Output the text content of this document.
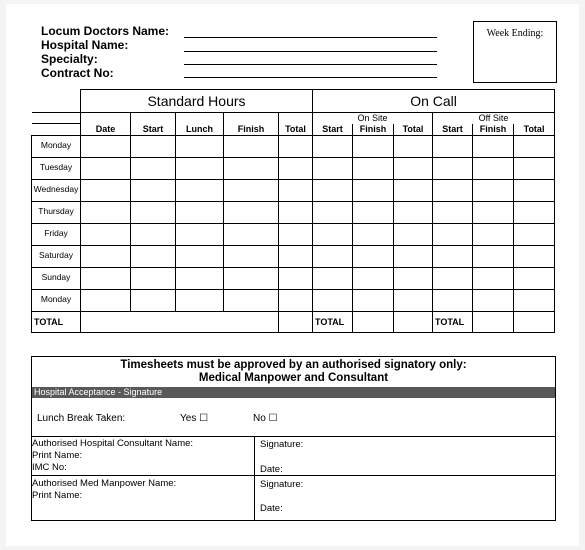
Locum Doctors Name:
Hospital Name:
Specialty:
Contract No:
Week Ending:
	Standard Hours					On Call					
						On Site			Off Site		
	Date	Start	Lunch	Finish	Total	Start	Finish	Total	Start	Finish	Total
Monday											
Tuesday											
Wednesday											
Thursday											
Friday											
Saturday											
Sunday											
Monday											
TOTAL						TOTAL			TOTAL		
Timesheets must be approved by an authorised signatory only:
Medical Manpower and Consultant
Hospital Acceptance - Signature
Lunch Break Taken:	Yes ☐	No ☐
Authorised Hospital Consultant Name:
Print Name:
IMC No:
Signature:
Date:
Authorised Med Manpower Name:
Print Name:
Signature:
Date:
